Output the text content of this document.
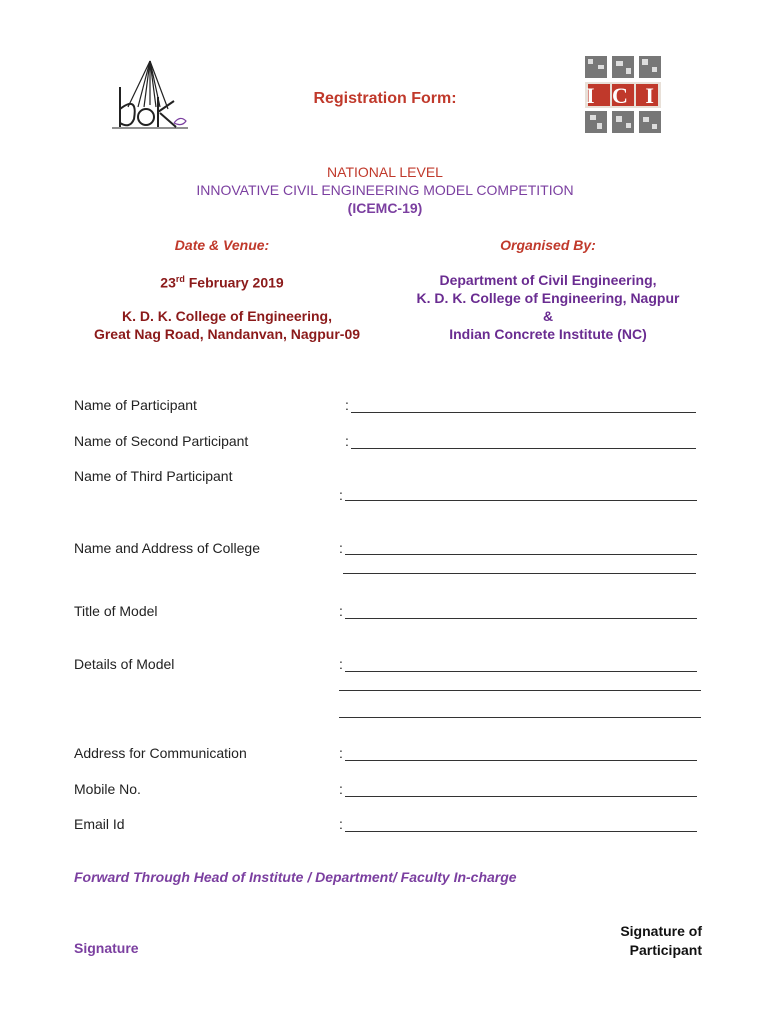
I C I
Registration Form:
NATIONAL LEVEL
INNOVATIVE CIVIL ENGINEERING MODEL COMPETITION
(ICEMC-19)
Date & Venue:
23rd February 2019
K. D. K. College of Engineering,
Great Nag Road, Nandanvan, Nagpur-09
Organised By:
Department of Civil Engineering,
K. D. K. College of Engineering, Nagpur
&
Indian Concrete Institute (NC)
Name of Participant	:
Name of Second Participant	:
Name of Third Participant
:
Name and Address of College	:
Title of Model	:
Details of Model	:
Address for Communication	:
Mobile No.	:
Email Id	:
Forward Through Head of Institute / Department/ Faculty In-charge
Signature
Signature of
Participant
